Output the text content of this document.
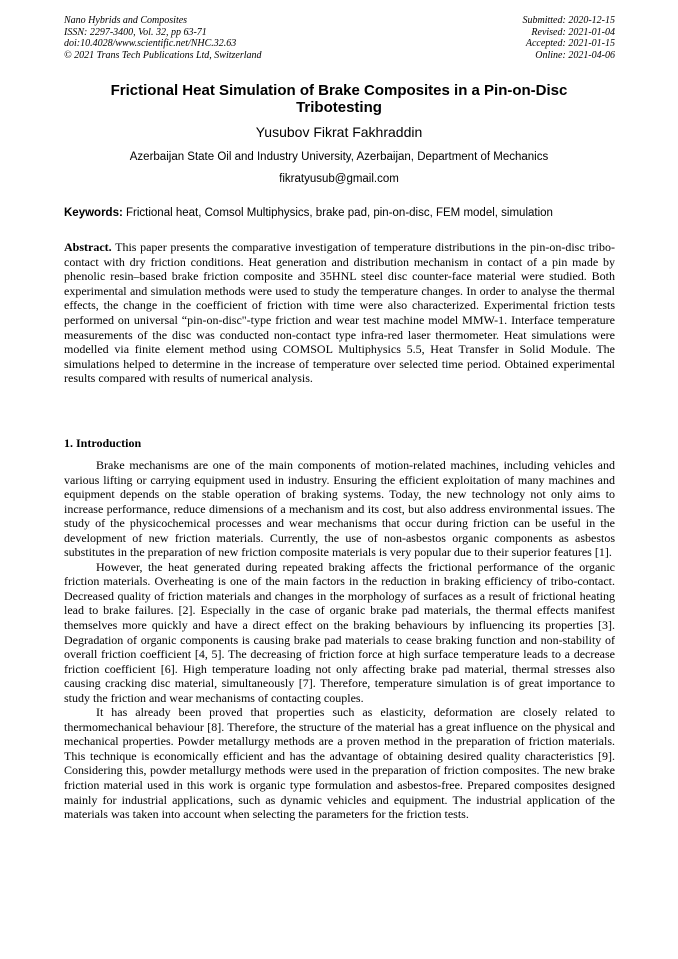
Nano Hybrids and Composites
ISSN: 2297-3400, Vol. 32, pp 63-71
doi:10.4028/www.scientific.net/NHC.32.63
© 2021 Trans Tech Publications Ltd, Switzerland
Submitted: 2020-12-15
Revised: 2021-01-04
Accepted: 2021-01-15
Online: 2021-04-06
Frictional Heat Simulation of Brake Composites in a Pin-on-Disc Tribotesting
Yusubov Fikrat Fakhraddin
Azerbaijan State Oil and Industry University, Azerbaijan, Department of Mechanics
fikratyusub@gmail.com
Keywords: Frictional heat, Comsol Multiphysics, brake pad, pin-on-disc, FEM model, simulation
Abstract. This paper presents the comparative investigation of temperature distributions in the pin-on-disc tribo-contact with dry friction conditions. Heat generation and distribution mechanism in contact of a pin made by phenolic resin–based brake friction composite and 35HNL steel disc counter-face material were studied. Both experimental and simulation methods were used to study the temperature changes. In order to analyse the thermal effects, the change in the coefficient of friction with time were also characterized. Experimental friction tests performed on universal “pin-on-disc"-type friction and wear test machine model MMW-1. Interface temperature measurements of the disc was conducted non-contact type infra-red laser thermometer. Heat simulations were modelled via finite element method using COMSOL Multiphysics 5.5, Heat Transfer in Solid Module. The simulations helped to determine in the increase of temperature over selected time period. Obtained experimental results compared with results of numerical analysis.
1. Introduction

Brake mechanisms are one of the main components of motion-related machines, including vehicles and various lifting or carrying equipment used in industry. Ensuring the efficient exploitation of many machines and equipment depends on the stable operation of braking systems. Today, the new technology not only aims to increase performance, reduce dimensions of a mechanism and its cost, but also address environmental issues. The study of the physicochemical processes and wear mechanisms that occur during friction can be useful in the development of new friction materials. Currently, the use of non-asbestos organic components as asbestos substitutes in the preparation of new friction composite materials is very popular due to their superior features [1].

However, the heat generated during repeated braking affects the frictional performance of the organic friction materials. Overheating is one of the main factors in the reduction in braking efficiency of tribo-contact. Decreased quality of friction materials and changes in the morphology of surfaces as a result of frictional heating lead to brake failures. [2]. Especially in the case of organic brake pad materials, the thermal effects manifest themselves more quickly and have a direct effect on the braking behaviours by influencing its properties [3]. Degradation of organic components is causing brake pad materials to cease braking function and non-stability of overall friction coefficient [4, 5]. The decreasing of friction force at high surface temperature leads to a decrease friction coefficient [6]. High temperature loading not only affecting brake pad material, thermal stresses also causing cracking disc material, simultaneously [7]. Therefore, temperature simulation is of great importance to study the friction and wear mechanisms of contacting couples.

It has already been proved that properties such as elasticity, deformation are closely related to thermomechanical behaviour [8]. Therefore, the structure of the material has a great influence on the physical and mechanical properties. Powder metallurgy methods are a proven method in the preparation of friction materials. This technique is economically efficient and has the advantage of obtaining desired quality characteristics [9]. Considering this, powder metallurgy methods were used in the preparation of friction composites. The new brake friction material used in this work is organic type formulation and asbestos-free. Prepared composites designed mainly for industrial applications, such as dynamic vehicles and equipment. The industrial application of the materials was taken into account when selecting the parameters for the friction tests.
